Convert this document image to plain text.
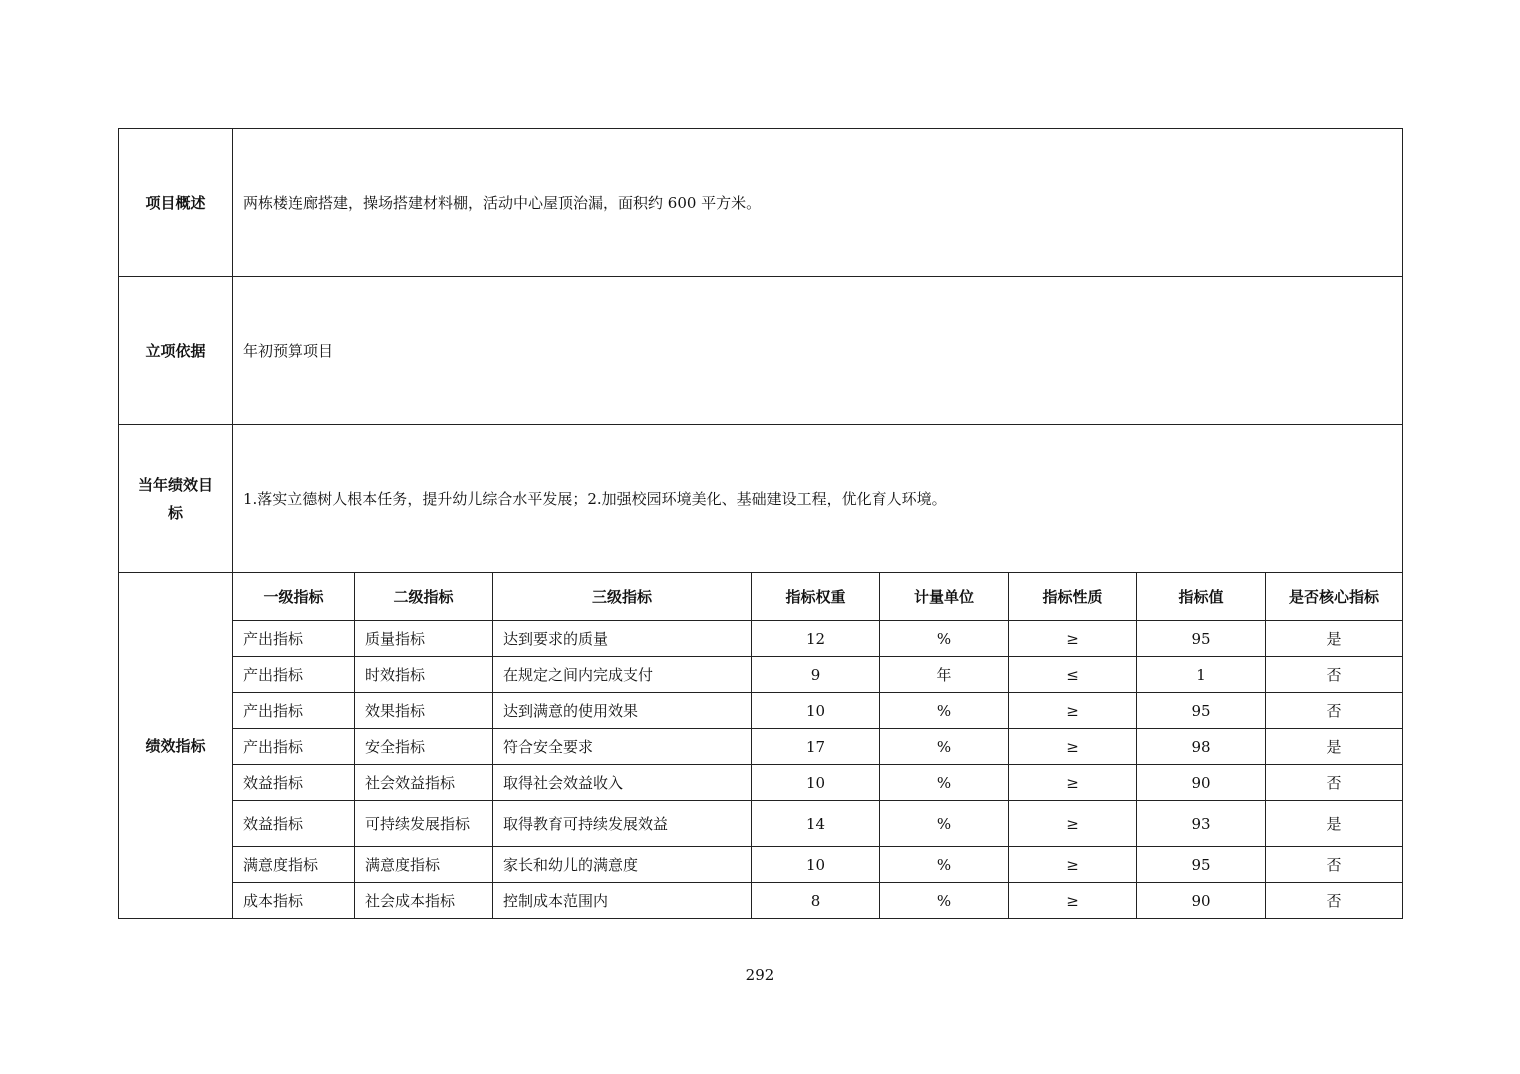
项目概述	两栋楼连廊搭建，操场搭建材料棚，活动中心屋顶治漏，面积约 600 平方米。							
立项依据	年初预算项目							

当年绩效目
标	1.落实立德树人根本任务，提升幼儿综合水平发展；2.加强校园环境美化、基础建设工程，优化育人环境。							
绩效指标	一级指标	二级指标	三级指标	指标权重	计量单位	指标性质	指标值	是否核心指标
	产出指标	质量指标	达到要求的质量	12	%	≥	95	是
	产出指标	时效指标	在规定之间内完成支付	9	年	≤	1	否
	产出指标	效果指标	达到满意的使用效果	10	%	≥	95	否
	产出指标	安全指标	符合安全要求	17	%	≥	98	是
	效益指标	社会效益指标	取得社会效益收入	10	%	≥	90	否
	效益指标	可持续发展指标	取得教育可持续发展效益	14	%	≥	93	是
	满意度指标	满意度指标	家长和幼儿的满意度	10	%	≥	95	否
	成本指标	社会成本指标	控制成本范围内	8	%	≥	90	否
292
